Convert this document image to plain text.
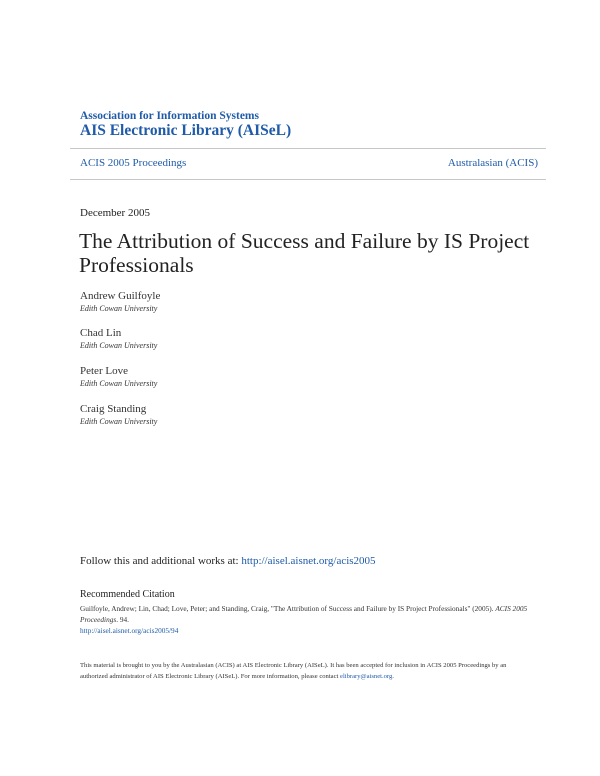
Association for Information Systems
AIS Electronic Library (AISeL)
ACIS 2005 Proceedings	Australasian (ACIS)
December 2005
The Attribution of Success and Failure by IS Project Professionals
Andrew Guilfoyle
Edith Cowan University
Chad Lin
Edith Cowan University
Peter Love
Edith Cowan University
Craig Standing
Edith Cowan University
Follow this and additional works at: http://aisel.aisnet.org/acis2005
Recommended Citation
Guilfoyle, Andrew; Lin, Chad; Love, Peter; and Standing, Craig, "The Attribution of Success and Failure by IS Project Professionals" (2005). ACIS 2005 Proceedings. 94.
http://aisel.aisnet.org/acis2005/94
This material is brought to you by the Australasian (ACIS) at AIS Electronic Library (AISeL). It has been accepted for inclusion in ACIS 2005 Proceedings by an authorized administrator of AIS Electronic Library (AISeL). For more information, please contact elibrary@aisnet.org.
